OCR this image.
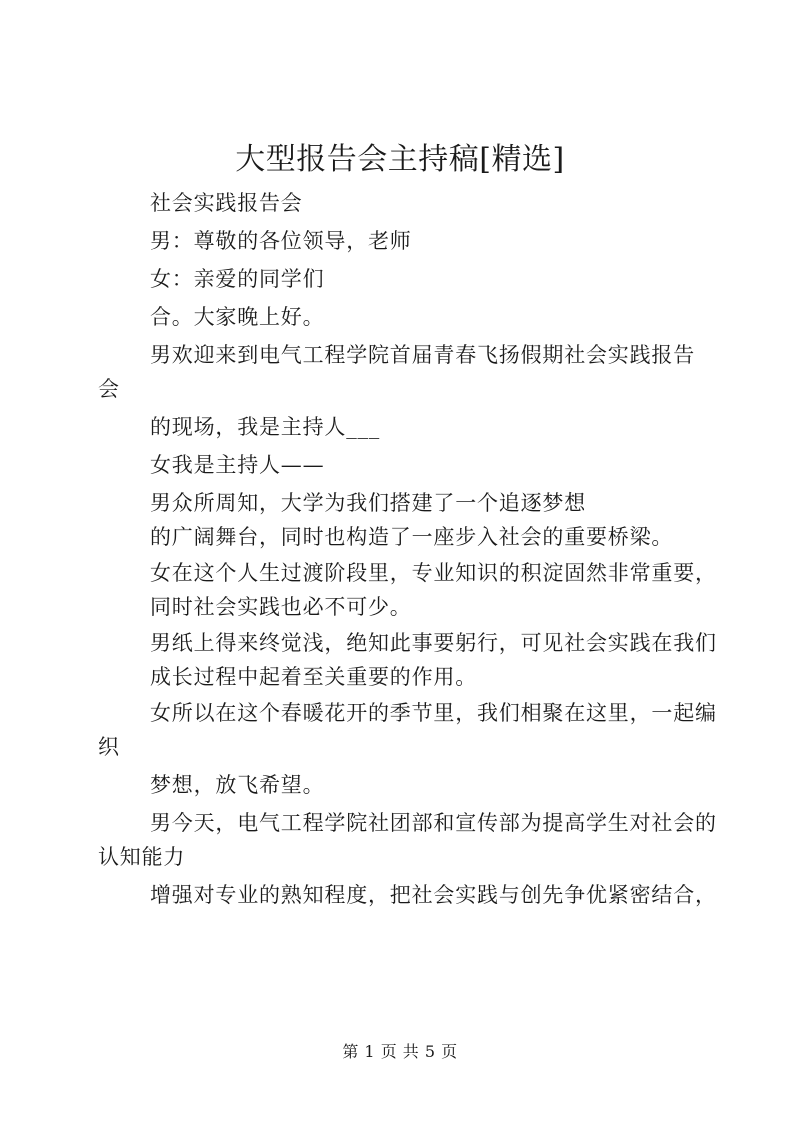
大型报告会主持稿[精选]

社会实践报告会

男：尊敬的各位领导，老师

女：亲爱的同学们

合。大家晚上好。

男欢迎来到电气工程学院首届青春飞扬假期社会实践报告

会

的现场，我是主持人___

女我是主持人——

男众所周知，大学为我们搭建了一个追逐梦想

的广阔舞台，同时也构造了一座步入社会的重要桥梁。

女在这个人生过渡阶段里，专业知识的积淀固然非常重要，

同时社会实践也必不可少。

男纸上得来终觉浅，绝知此事要躬行，可见社会实践在我们

成长过程中起着至关重要的作用。

女所以在这个春暖花开的季节里，我们相聚在这里，一起编

织

梦想，放飞希望。

男今天，电气工程学院社团部和宣传部为提高学生对社会的

认知能力

增强对专业的熟知程度，把社会实践与创先争优紧密结合，

第 1 页 共 5 页
